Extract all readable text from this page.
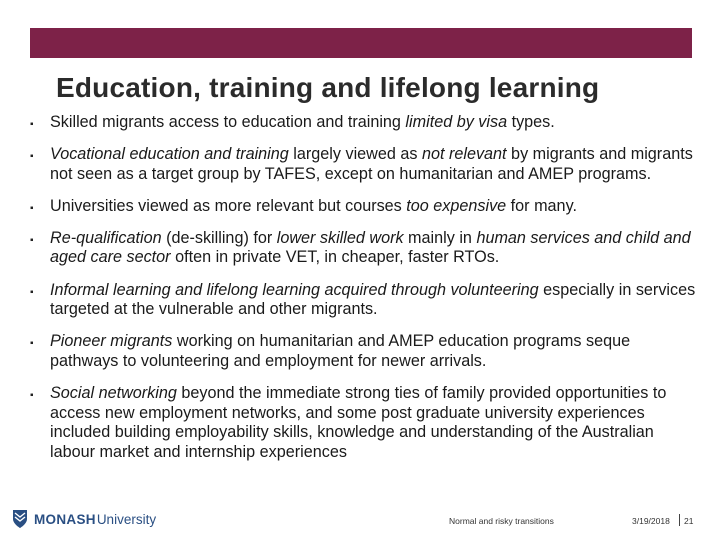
Education, training and lifelong learning
▪ Skilled migrants access to education and training limited by visa types.
▪ Vocational education and training largely viewed as not relevant by migrants and migrants not seen as a target group by TAFES, except on humanitarian and AMEP programs.
▪ Universities viewed as more relevant but courses too expensive for many.
▪ Re-qualification (de-skilling) for lower skilled work mainly in human services and child and aged care sector often in private VET, in cheaper, faster RTOs.
▪ Informal learning and lifelong learning acquired through volunteering especially in services targeted at the vulnerable and other migrants.
▪ Pioneer migrants working on humanitarian and AMEP education programs seque pathways to volunteering and employment for newer arrivals.
▪ Social networking beyond the immediate strong ties of family provided opportunities to access new employment networks, and some post graduate university experiences included building employability skills, knowledge and understanding of the Australian labour market and internship experiences
MONASH University	Normal and risky transitions	3/19/2018 21
